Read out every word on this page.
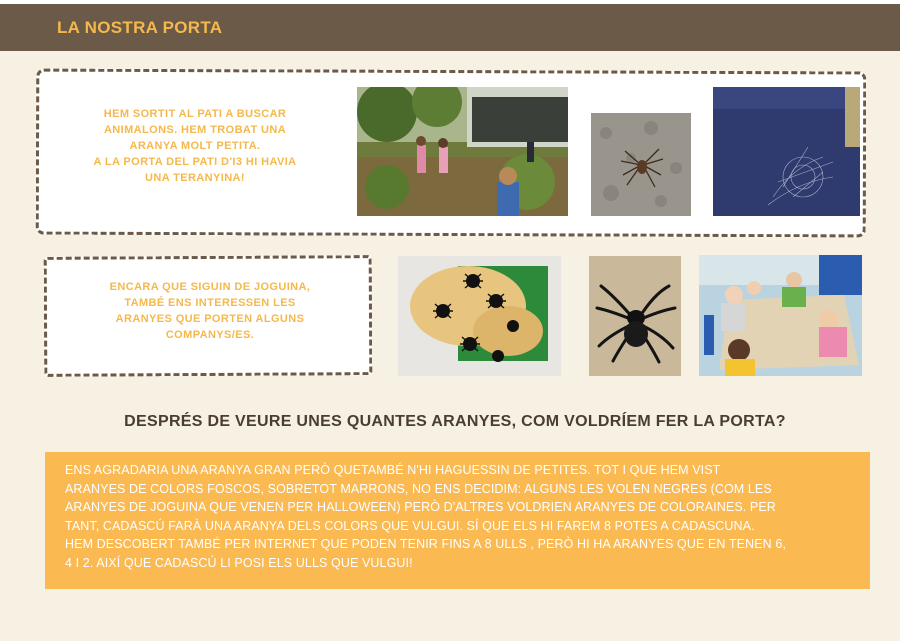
LA NOSTRA PORTA
HEM SORTIT AL PATI A BUSCAR
ANIMALONS. HEM TROBAT UNA
ARANYA MOLT PETITA.
A LA PORTA DEL PATI D'I3 HI HAVIA
UNA TERANYINA!
ENCARA QUE SIGUIN DE JOGUINA,
TAMBÉ ENS INTERESSEN LES
ARANYES QUE PORTEN ALGUNS
COMPANYS/ES.
DESPRÉS DE VEURE UNES QUANTES ARANYES, COM VOLDRÍEM FER LA PORTA?
ENS AGRADARIA UNA ARANYA GRAN PERÒ QUETAMBÉ N'HI HAGUESSIN DE PETITES. TOT I QUE HEM VIST
ARANYES DE COLORS FOSCOS, SOBRETOT MARRONS, NO ENS DECIDIM: ALGUNS LES VOLEN NEGRES (COM LES
ARANYES DE JOGUINA QUE VENEN PER HALLOWEEN) PERÒ D'ALTRES VOLDRIEN ARANYES DE COLORAINES. PER
TANT, CADASCÚ FARÀ UNA ARANYA DELS COLORS QUE VULGUI. SÍ QUE ELS HI FAREM 8 POTES A CADASCUNA.
HEM DESCOBERT TAMBÉ PER INTERNET QUE PODEN TENIR FINS A 8 ULLS , PERÒ HI HA ARANYES QUE EN TENEN 6,
4 I 2. AIXÍ QUE CADASCÚ LI POSI ELS ULLS QUE VULGUI!
